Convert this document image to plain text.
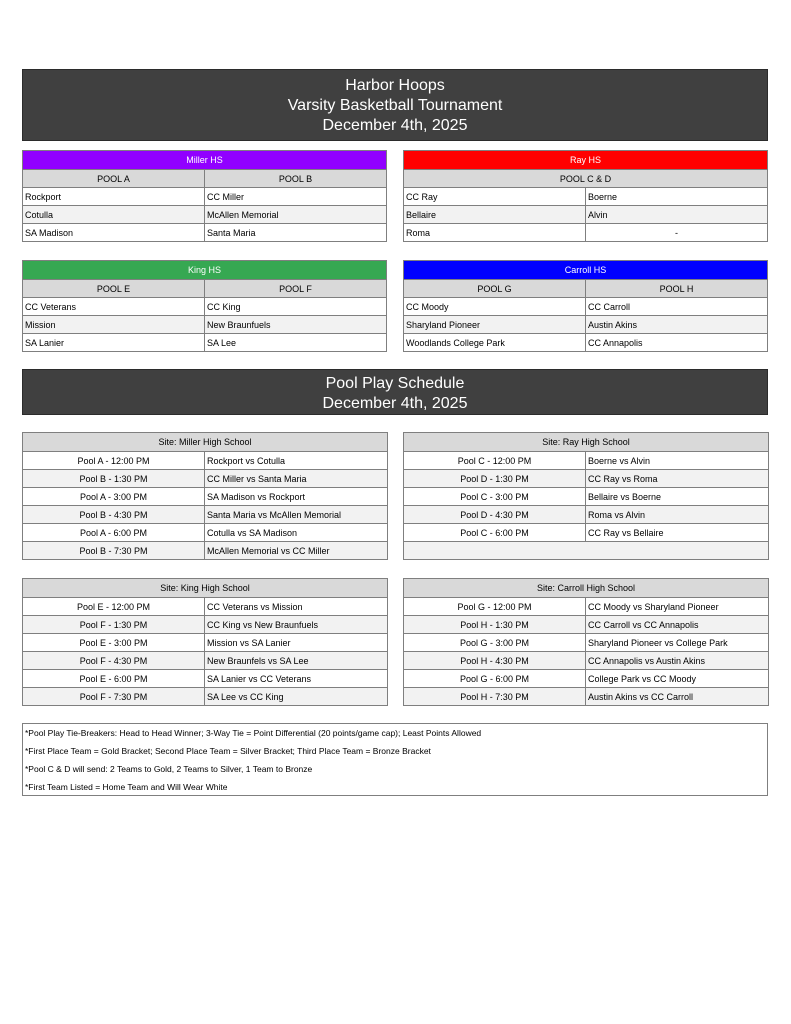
Harbor Hoops
Varsity Basketball Tournament
December 4th, 2025
Miller HS	
POOL A	POOL B
Rockport	CC Miller
Cotulla	McAllen Memorial
SA Madison	Santa Maria
Ray HS	
POOL C & D	
CC Ray	Boerne
Bellaire	Alvin
Roma	-
King HS	
POOL E	POOL F
CC Veterans	CC King
Mission	New Braunfuels
SA Lanier	SA Lee
Carroll HS	
POOL G	POOL H
CC Moody	CC Carroll
Sharyland Pioneer	Austin Akins
Woodlands College Park	CC Annapolis
Pool Play Schedule
December 4th, 2025
Site: Miller High School	
Pool A - 12:00 PM	Rockport vs Cotulla
Pool B - 1:30 PM	CC Miller vs Santa Maria
Pool A - 3:00 PM	SA Madison vs Rockport
Pool B - 4:30 PM	Santa Maria vs McAllen Memorial
Pool A - 6:00 PM	Cotulla vs SA Madison
Pool B - 7:30 PM	McAllen Memorial vs CC Miller
Site: Ray High School	
Pool C - 12:00 PM	Boerne vs Alvin
Pool D - 1:30 PM	CC Ray vs Roma
Pool C - 3:00 PM	Bellaire vs Boerne
Pool D - 4:30 PM	Roma vs Alvin
Pool C - 6:00 PM	CC Ray vs Bellaire

Site: King High School	
Pool E - 12:00 PM	CC Veterans vs Mission
Pool F - 1:30 PM	CC King vs New Braunfuels
Pool E - 3:00 PM	Mission vs SA Lanier
Pool F - 4:30 PM	New Braunfels vs SA Lee
Pool E - 6:00 PM	SA Lanier vs CC Veterans
Pool F - 7:30 PM	SA Lee vs CC King
Site: Carroll High School	
Pool G - 12:00 PM	CC Moody vs Sharyland Pioneer
Pool H - 1:30 PM	CC Carroll vs CC Annapolis
Pool G - 3:00 PM	Sharyland Pioneer vs College Park
Pool H - 4:30 PM	CC Annapolis vs Austin Akins
Pool G - 6:00 PM	College Park vs CC Moody
Pool H - 7:30 PM	Austin Akins vs CC Carroll
*Pool Play Tie-Breakers: Head to Head Winner; 3-Way Tie = Point Differential (20 points/game cap); Least Points Allowed
*First Place Team = Gold Bracket; Second Place Team = Silver Bracket; Third Place Team = Bronze Bracket
*Pool C & D will send: 2 Teams to Gold, 2 Teams to Silver, 1 Team to Bronze
*First Team Listed = Home Team and Will Wear White
